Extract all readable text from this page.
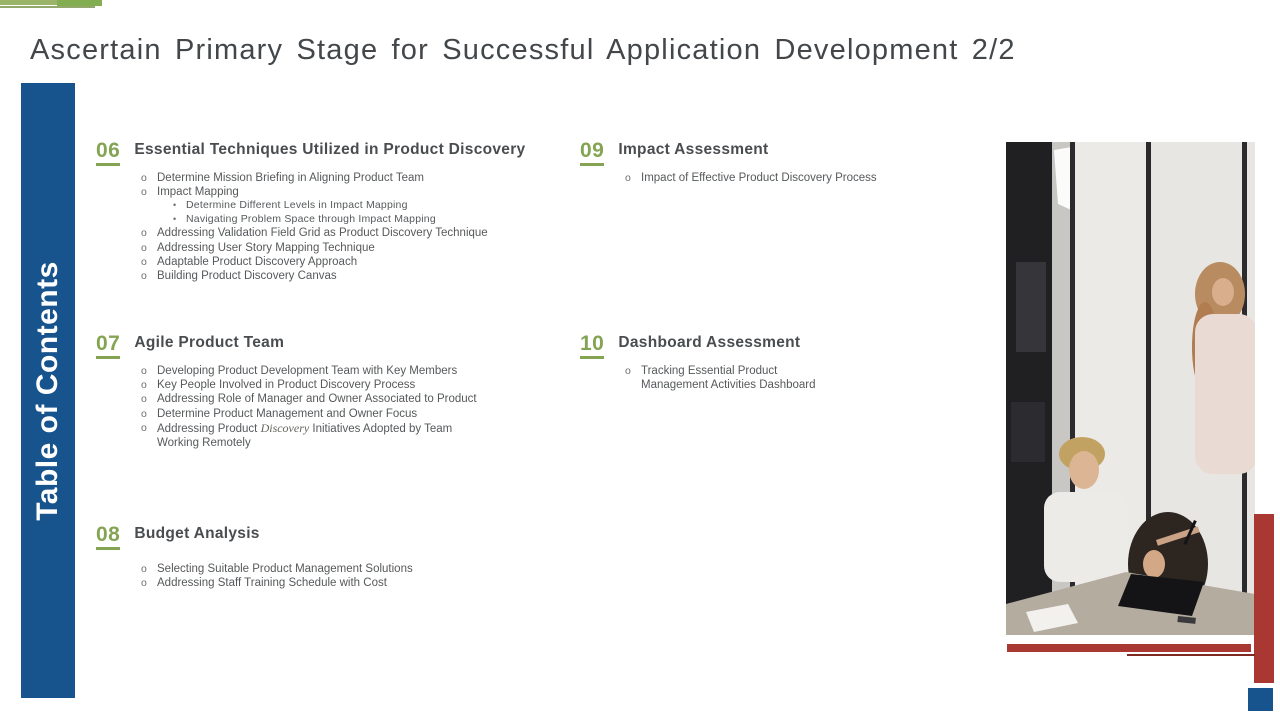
Ascertain Primary Stage for Successful Application Development 2/2
Table of Contents
06 Essential Techniques Utilized in Product Discovery
o Determine Mission Briefing in Aligning Product Team
o Impact Mapping
• Determine Different Levels in Impact Mapping
• Navigating Problem Space through Impact Mapping
o Addressing Validation Field Grid as Product Discovery Technique
o Addressing User Story Mapping Technique
o Adaptable Product Discovery Approach
o Building Product Discovery Canvas
07 Agile Product Team
o Developing Product Development Team with Key Members
o Key People Involved in Product Discovery Process
o Addressing Role of Manager and Owner Associated to Product
o Determine Product Management and Owner Focus
o Addressing Product Discovery Initiatives Adopted by Team Working Remotely
08 Budget Analysis
o Selecting Suitable Product Management Solutions
o Addressing Staff Training Schedule with Cost
09 Impact Assessment
o Impact of Effective Product Discovery Process
10 Dashboard Assessment
o Tracking Essential Product Management Activities Dashboard
